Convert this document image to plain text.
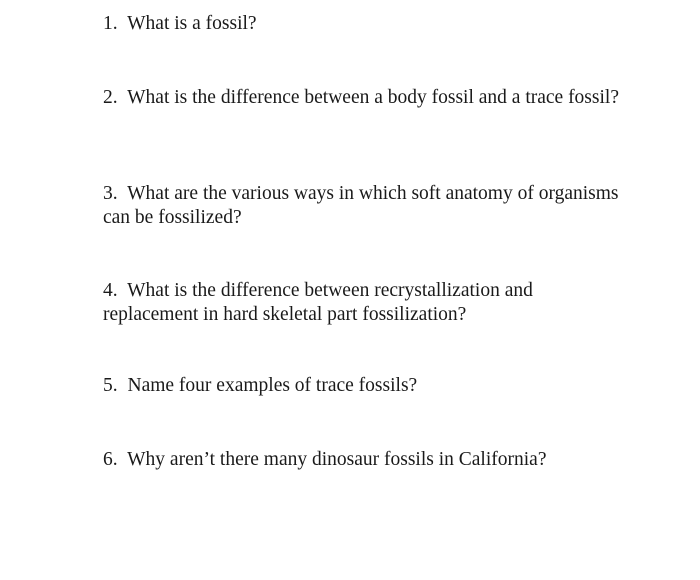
1. What is a fossil?

2. What is the difference between a body fossil and a trace fossil?

3. What are the various ways in which soft anatomy of organisms can be fossilized?

4. What is the difference between recrystallization and replacement in hard skeletal part fossilization?

5. Name four examples of trace fossils?

6. Why aren’t there many dinosaur fossils in California?
